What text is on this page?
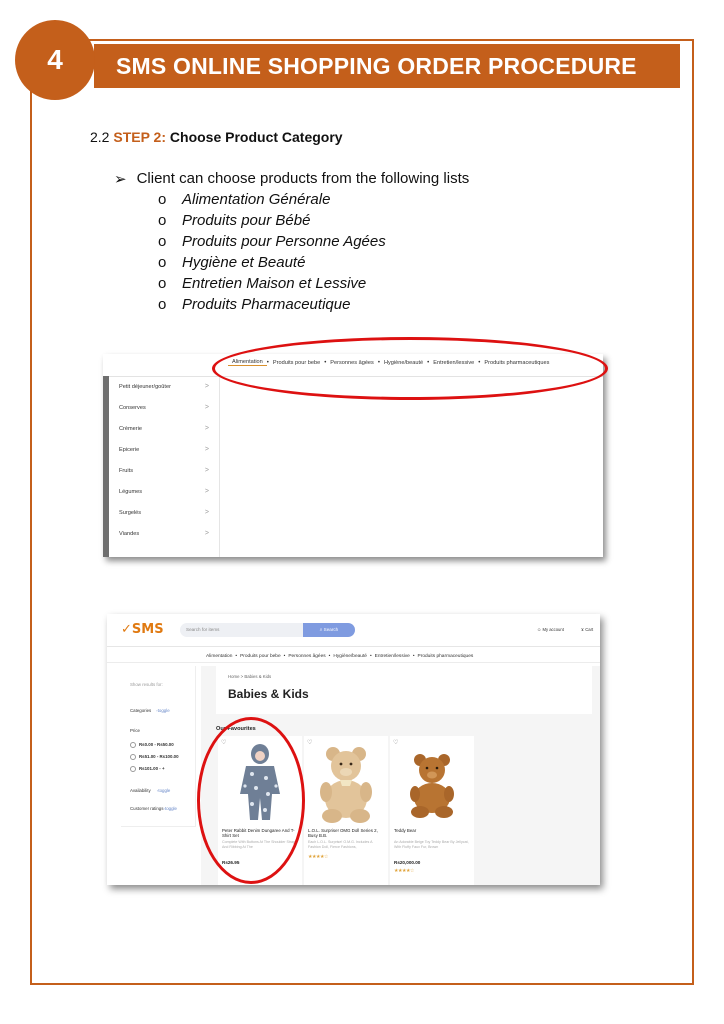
SMS ONLINE SHOPPING ORDER PROCEDURE
4
2.2 STEP 2: Choose Product Category
➢ Client can choose products from the following lists
o	Alimentation Générale
o	Produits pour Bébé
o	Produits pour Personne Agées
o	Hygiène et Beauté
o	Entretien Maison et Lessive
o	Produits Pharmaceutique
Alimentation • Produits pour bebe • Personnes âgées • Hygiène/beauté • Entretien/lessive • Produits pharmaceutiques
Petit déjeuner/goûter	>
Conserves	>
Crèmerie	>
Epicerie	>
Fruits	>
Légumes	>
Surgelés	>
Viandes	>
✓SMS	Search for items	⌕ Search	☺ My account	⊻ Cart
Alimentation • Produits pour bebe • Personnes âgées • Hygiène/beauté • Entretien/lessive • Produits pharmaceutiques
Show results for:
Categories ▫toggle
Price
Rs0.00 - Rs50.00
Rs51.00 - Rs100.00
Rs101.00 - +
Availability ▫toggle
Customer ratings▫toggle
Home > Babies & Kids
Babies & Kids
Our Favourites
♡
Peter Rabbit Denim Dungaree And T-Shirt Set
Complete With Buttons At The Shoulder Straps And Ribbing At The
Rs26.95
♡
L.O.L. Surprise! OMG Doll Series 2, Busy B.B.
Each L.O.L. Surprise! O.M.G. Includes A Fashion Doll, Fierce Fashions,
★★★★☆
♡
Teddy Bear
An Adorable Beige Toy Teddy Bear By Jellycat, With Fluffy Faux Fur, Brown
Rs20,000.00
★★★★☆
